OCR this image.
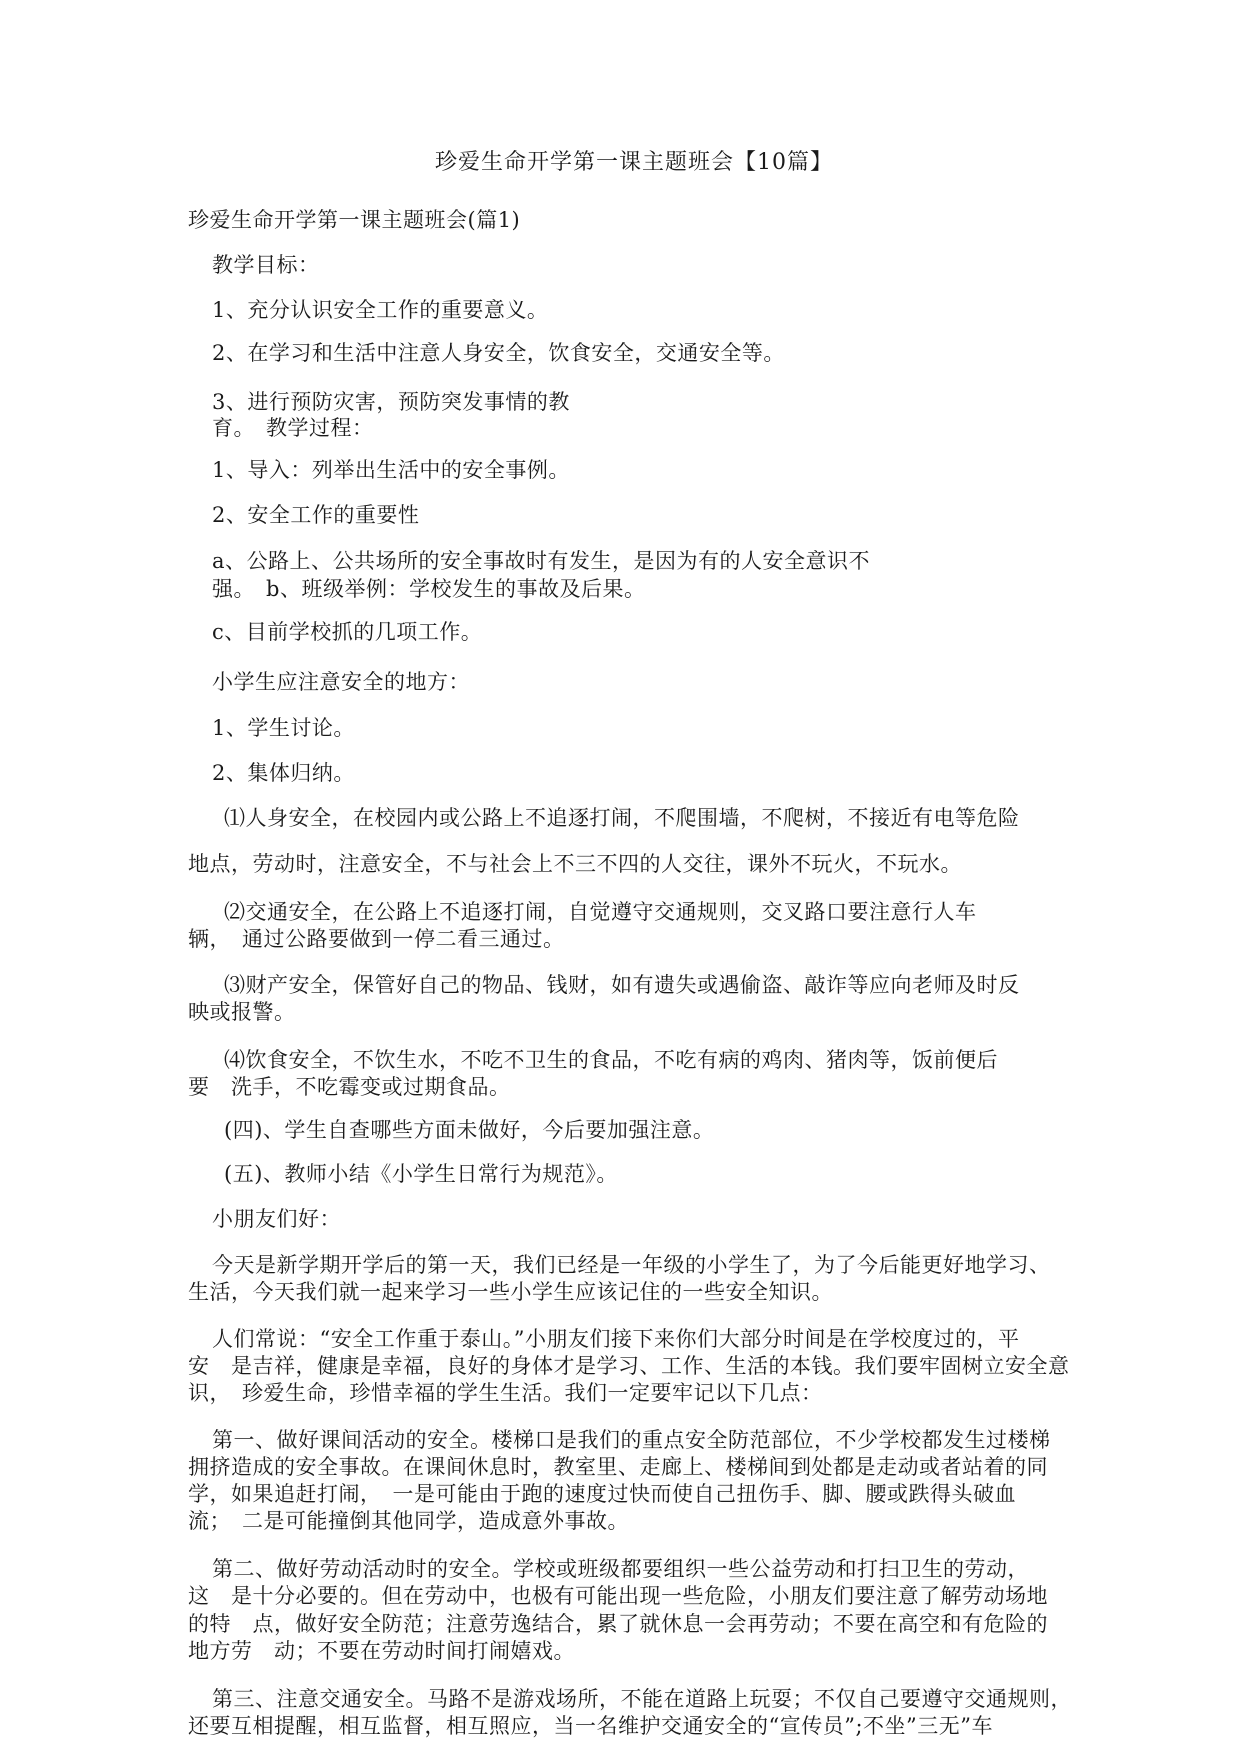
珍爱生命开学第一课主题班会【10篇】
珍爱生命开学第一课主题班会(篇1)
教学目标：
1、充分认识安全工作的重要意义。
2、在学习和生活中注意人身安全，饮食安全，交通安全等。
3、进行预防灾害，预防突发事情的教
育。　教学过程：
1、导入：列举出生活中的安全事例。
2、安全工作的重要性
a、公路上、公共场所的安全事故时有发生，是因为有的人安全意识不
强。　b、班级举例：学校发生的事故及后果。
c、目前学校抓的几项工作。
小学生应注意安全的地方：
1、学生讨论。
2、集体归纳。
⑴人身安全，在校园内或公路上不追逐打闹，不爬围墙，不爬树，不接近有电等危险
地点，劳动时，注意安全，不与社会上不三不四的人交往，课外不玩火，不玩水。
⑵交通安全，在公路上不追逐打闹，自觉遵守交通规则，交叉路口要注意行人车
辆，　通过公路要做到一停二看三通过。
⑶财产安全，保管好自己的物品、钱财，如有遗失或遇偷盗、敲诈等应向老师及时反
映或报警。
⑷饮食安全，不饮生水，不吃不卫生的食品，不吃有病的鸡肉、猪肉等，饭前便后
要　洗手，不吃霉变或过期食品。
(四)、学生自查哪些方面未做好，今后要加强注意。
(五)、教师小结《小学生日常行为规范》。
小朋友们好：
今天是新学期开学后的第一天，我们已经是一年级的小学生了，为了今后能更好地学习、
生活，今天我们就一起来学习一些小学生应该记住的一些安全知识。
人们常说：“安全工作重于泰山。”小朋友们接下来你们大部分时间是在学校度过的，平
安　是吉祥，健康是幸福，良好的身体才是学习、工作、生活的本钱。我们要牢固树立安全意
识，　珍爱生命，珍惜幸福的学生生活。我们一定要牢记以下几点：
第一、做好课间活动的安全。楼梯口是我们的重点安全防范部位，不少学校都发生过楼梯
拥挤造成的安全事故。在课间休息时，教室里、走廊上、楼梯间到处都是走动或者站着的同
学，如果追赶打闹，　一是可能由于跑的速度过快而使自己扭伤手、脚、腰或跌得头破血
流；　二是可能撞倒其他同学，造成意外事故。
第二、做好劳动活动时的安全。学校或班级都要组织一些公益劳动和打扫卫生的劳动，
这　是十分必要的。但在劳动中，也极有可能出现一些危险，小朋友们要注意了解劳动场地
的特　点，做好安全防范；注意劳逸结合，累了就休息一会再劳动；不要在高空和有危险的
地方劳　动；不要在劳动时间打闹嬉戏。
第三、注意交通安全。马路不是游戏场所，不能在道路上玩耍；不仅自己要遵守交通规则，
还要互相提醒，相互监督，相互照应，当一名维护交通安全的“宣传员”;不坐”三无”车
